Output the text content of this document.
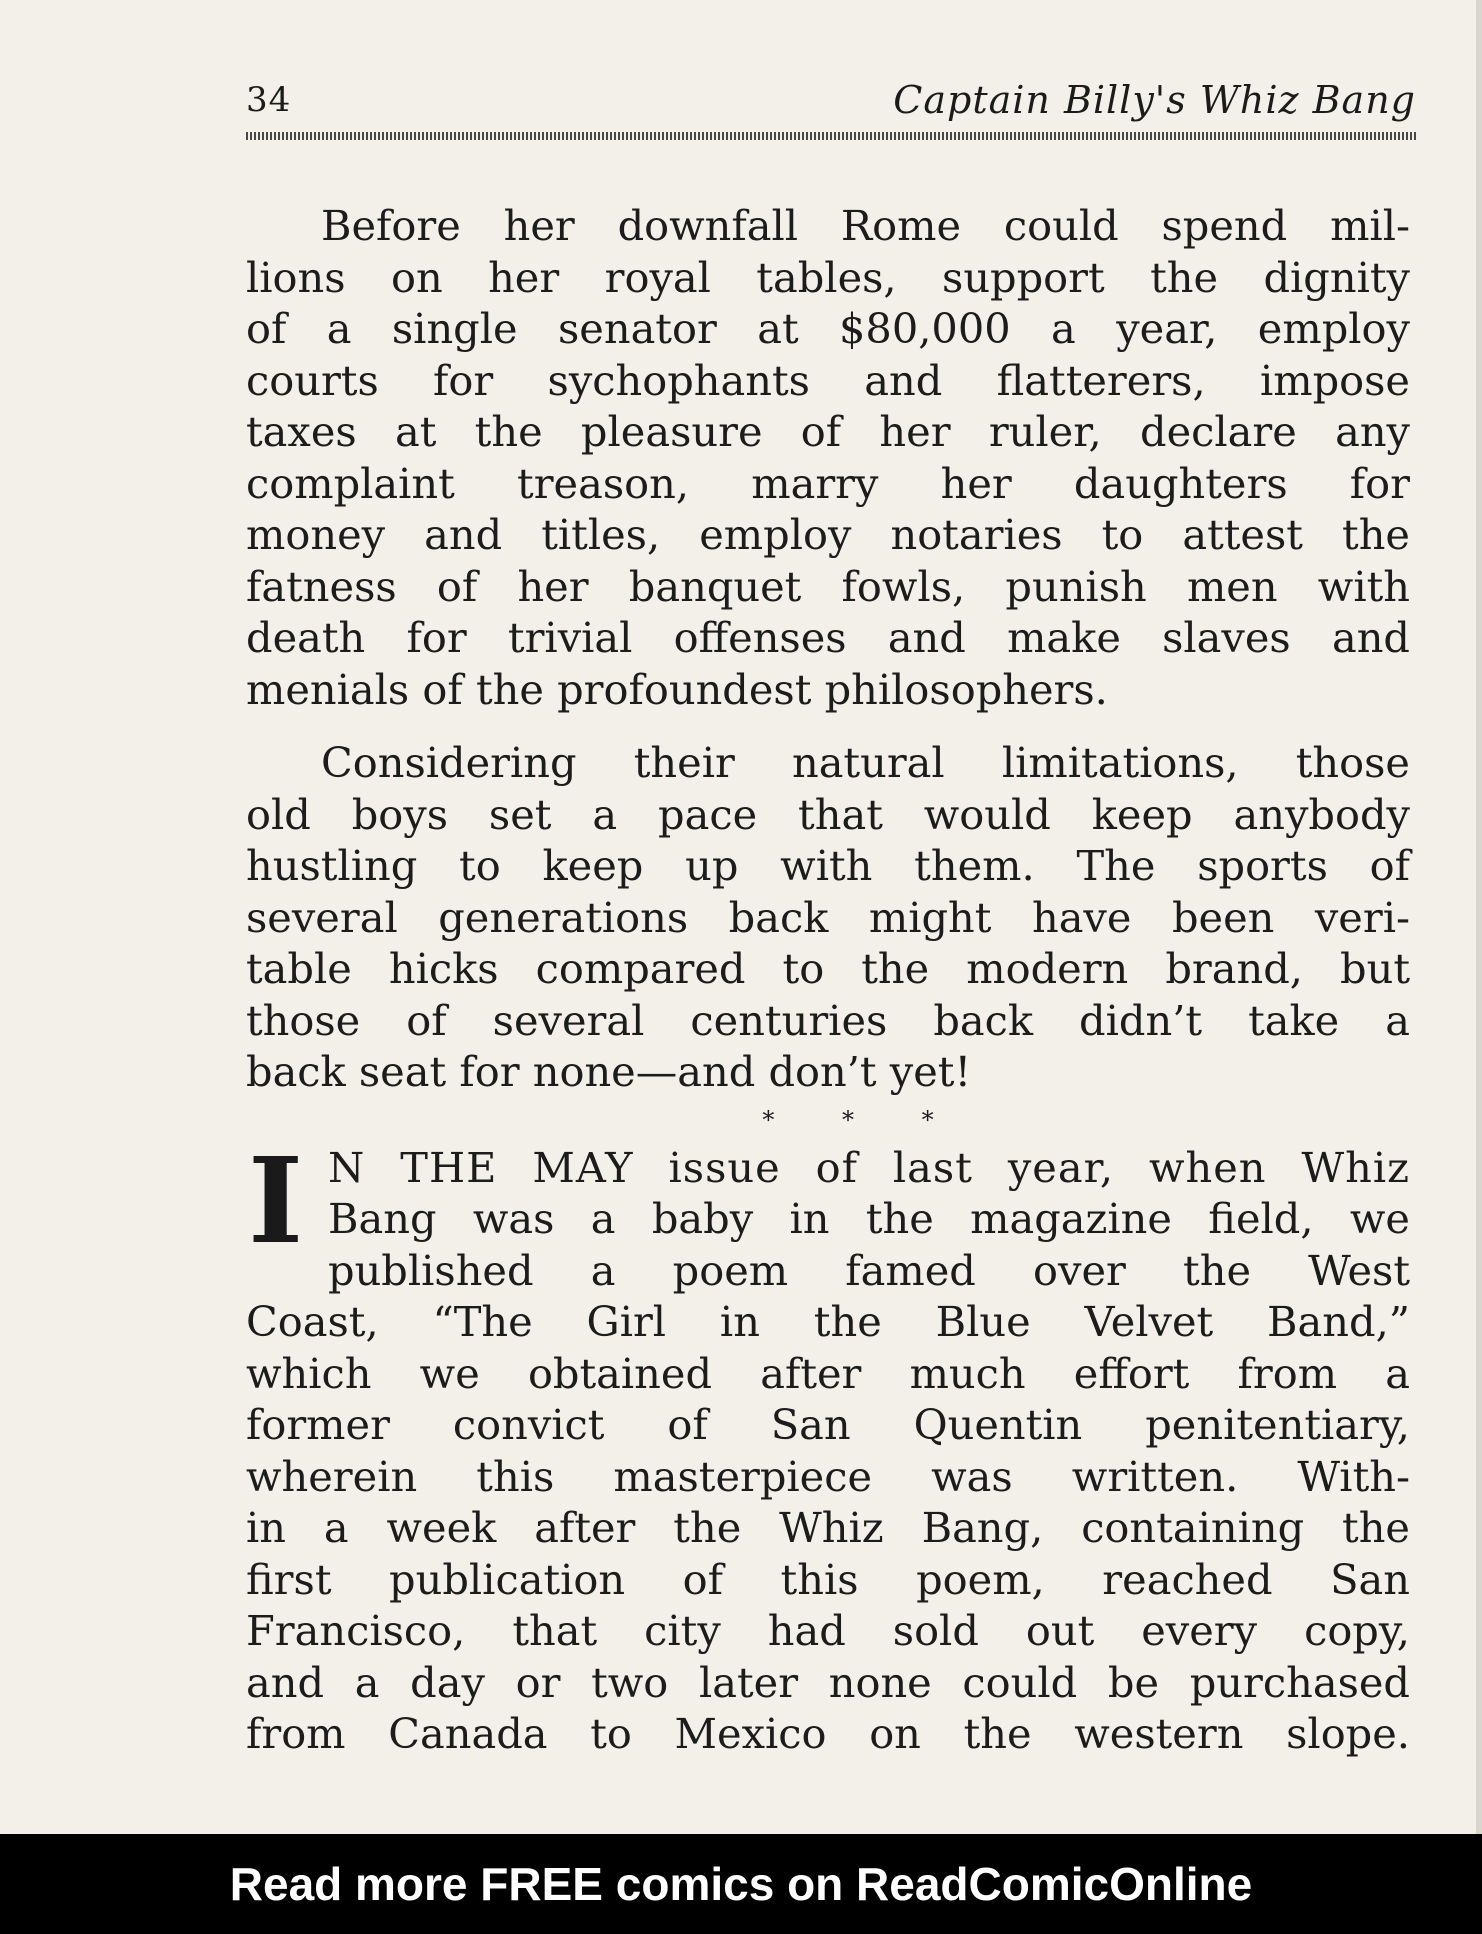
34	Captain Billy's Whiz Bang
Before her downfall Rome could spend mil-
lions on her royal tables, support the dignity
of a single senator at $80,000 a year, employ
courts for sychophants and flatterers, impose
taxes at the pleasure of her ruler, declare any
complaint treason, marry her daughters for
money and titles, employ notaries to attest the
fatness of her banquet fowls, punish men with
death for trivial offenses and make slaves and
menials of the profoundest philosophers.
Considering their natural limitations, those
old boys set a pace that would keep anybody
hustling to keep up with them. The sports of
several generations back might have been veri-
table hicks compared to the modern brand, but
those of several centuries back didn’t take a
back seat for none—and don’t yet!
* * *
I N THE MAY issue of last year, when Whiz
Bang was a baby in the magazine field, we
published a poem famed over the West
Coast, “The Girl in the Blue Velvet Band,”
which we obtained after much effort from a
former convict of San Quentin penitentiary,
wherein this masterpiece was written. With-
in a week after the Whiz Bang, containing the
first publication of this poem, reached San
Francisco, that city had sold out every copy,
and a day or two later none could be purchased
from Canada to Mexico on the western slope.
Read more FREE comics on ReadComicOnline
